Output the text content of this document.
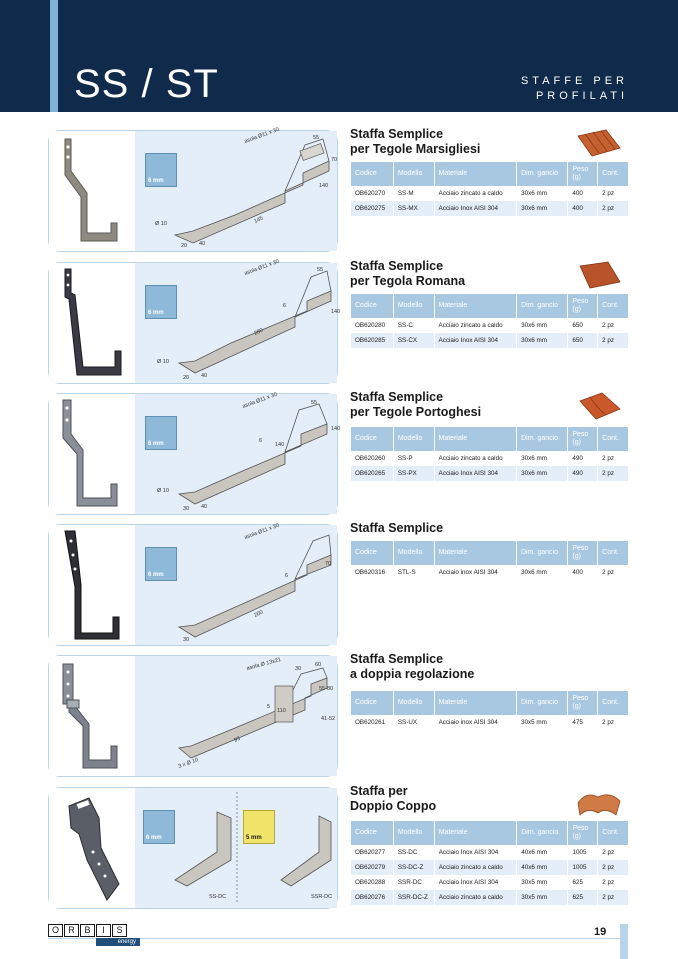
SS / ST	STAFFE PER
PROFILATI
6 mm
asola Ø11 x 30	55
70
140
145
20 40
Ø 10
Staffa Semplice
per Tegole Marsigliesi
Codice	Modello	Materiale	Dim. gancio	Peso (g)	Cont.
OB620270	SS-M	Acciaio zincato a caldo	30x6 mm	400	2 pz
OB620275	SS-MX	Acciaio Inox AISI 304	30x6 mm	400	2 pz
6 mm
asola Ø11 x 30	55
140
280
20 40
Ø 10
6
Staffa Semplice
per Tegola Romana
Codice	Modello	Materiale	Dim. gancio	Peso (g)	Cont.
OB620280	SS-C	Acciaio zincato a caldo	30x6 mm	650	2 pz
OB620285	SS-CX	Acciaio Inox AISI 304	30x6 mm	650	2 pz
6 mm
asola Ø11 x 30	55
140
140
30 40
Ø 10
6
Staffa Semplice
per Tegole Portoghesi
Codice	Modello	Materiale	Dim. gancio	Peso (g)	Cont.
OB620260	SS-P	Acciaio zincato a caldo	30x6 mm	490	2 pz
OB620265	SS-PX	Acciaio Inox AISI 304	30x6 mm	490	2 pz
6 mm
asola Ø11 x 30
70
200
30
6
Staffa Semplice
Codice	Modello	Materiale	Dim. gancio	Peso (g)	Cont.
OB620316	STL-S	Acciaio inox AISI 304	30x6 mm	400	2 pz
asola Ø 13x21 30
60
55-80
110
41-52
93
3 x Ø 10
5
Staffa Semplice
a doppia regolazione
Codice	Modello	Materiale	Dim. gancio	Peso (g)	Cont.
OB620261	SS-UX	Acciaio inox AISI 304	30x5 mm	475	2 pz
6 mm	5 mm
SS-DC	SSR-DC
Staffa per
Doppio Coppo
Codice	Modello	Materiale	Dim. gancio	Peso (g)	Cont.
OB620277	SS-DC	Acciaio Inox AISI 304	40x6 mm	1005	2 pz
OB620279	SS-DC-Z	Acciaio zincato a caldo	40x6 mm	1005	2 pz
OB620288	SSR-DC	Acciaio Inox AISI 304	30x5 mm	625	2 pz
OB620276	SSR-DC-Z	Acciaio zincato a caldo	30x5 mm	625	2 pz
O	R	B	I	S
energy
19
